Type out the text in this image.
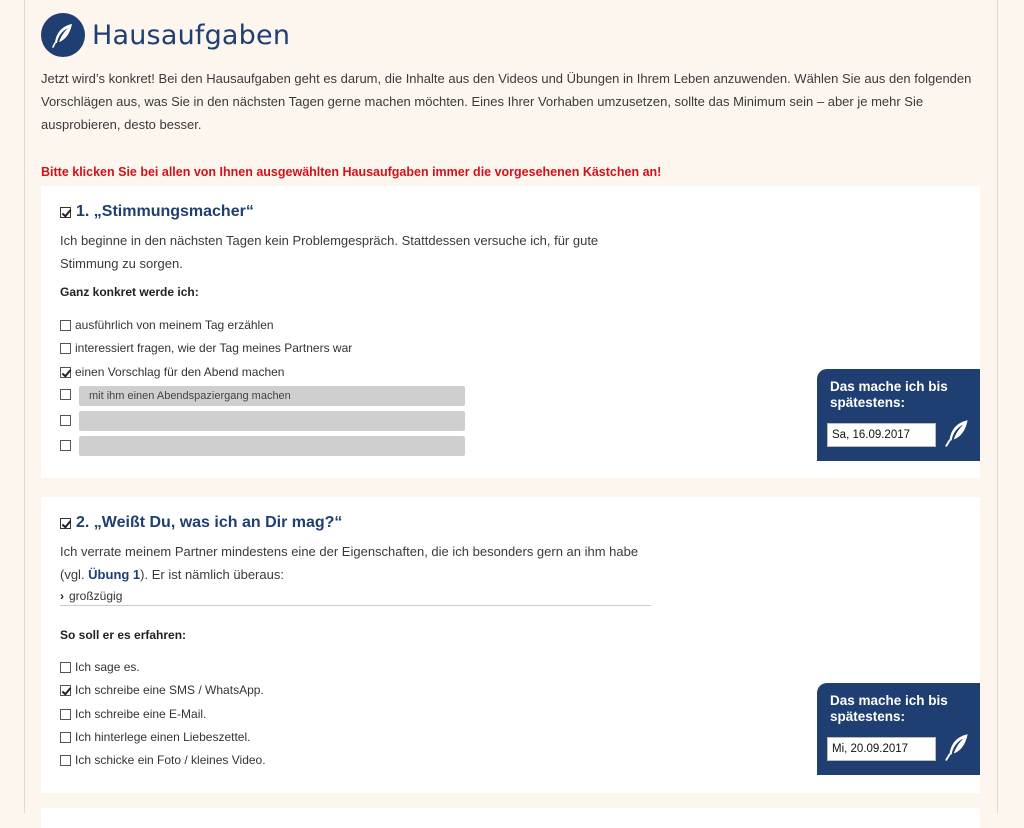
Hausaufgaben
Jetzt wird’s konkret! Bei den Hausaufgaben geht es darum, die Inhalte aus den Videos und Übungen in Ihrem Leben anzuwenden. Wählen Sie aus den folgenden Vorschlägen aus, was Sie in den nächsten Tagen gerne machen möchten. Eines Ihrer Vorhaben umzusetzen, sollte das Minimum sein – aber je mehr Sie ausprobieren, desto besser.
Bitte klicken Sie bei allen von Ihnen ausgewählten Hausaufgaben immer die vorgesehenen Kästchen an!
1. „Stimmungsmacher“
Ich beginne in den nächsten Tagen kein Problemgespräch. Stattdessen versuche ich, für gute Stimmung zu sorgen.
Ganz konkret werde ich:
ausführlich von meinem Tag erzählen
interessiert fragen, wie der Tag meines Partners war
einen Vorschlag für den Abend machen
mit ihm einen Abendspaziergang machen
Das mache ich bis spätestens:
Sa, 16.09.2017
2. „Weißt Du, was ich an Dir mag?“
Ich verrate meinem Partner mindestens eine der Eigenschaften, die ich besonders gern an ihm habe (vgl. Übung 1). Er ist nämlich überaus:
› großzügig
So soll er es erfahren:
Ich sage es.
Ich schreibe eine SMS / WhatsApp.
Ich schreibe eine E-Mail.
Ich hinterlege einen Liebeszettel.
Ich schicke ein Foto / kleines Video.
Das mache ich bis spätestens:
Mi, 20.09.2017
